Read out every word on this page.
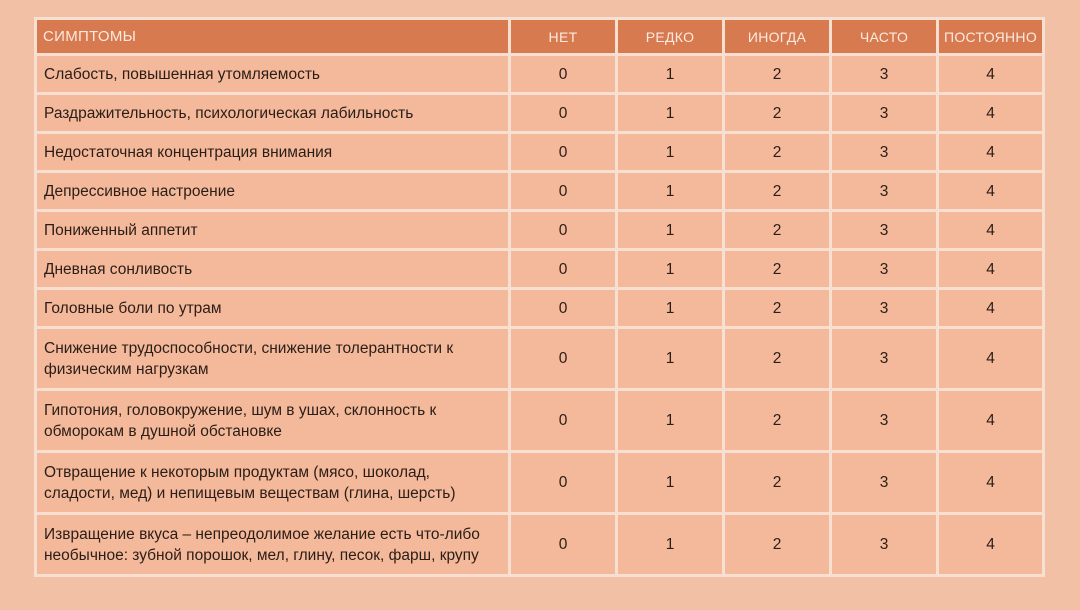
СИМПТОМЫ	НЕТ	РЕДКО	ИНОГДА	ЧАСТО	ПОСТОЯННО
Слабость, повышенная утомляемость	0	1	2	3	4
Раздражительность, психологическая лабильность	0	1	2	3	4
Недостаточная концентрация внимания	0	1	2	3	4
Депрессивное настроение	0	1	2	3	4
Пониженный аппетит	0	1	2	3	4
Дневная сонливость	0	1	2	3	4
Головные боли по утрам	0	1	2	3	4
Снижение трудоспособности, снижение толерантности к физическим нагрузкам	0	1	2	3	4
Гипотония, головокружение, шум в ушах, склонность к обморокам в душной обстановке	0	1	2	3	4
Отвращение к некоторым продуктам (мясо, шоколад, сладости, мед) и непищевым веществам (глина, шерсть)	0	1	2	3	4
Извращение вкуса – непреодолимое желание есть что-либо необычное: зубной порошок, мел, глину, песок, фарш, крупу	0	1	2	3	4
